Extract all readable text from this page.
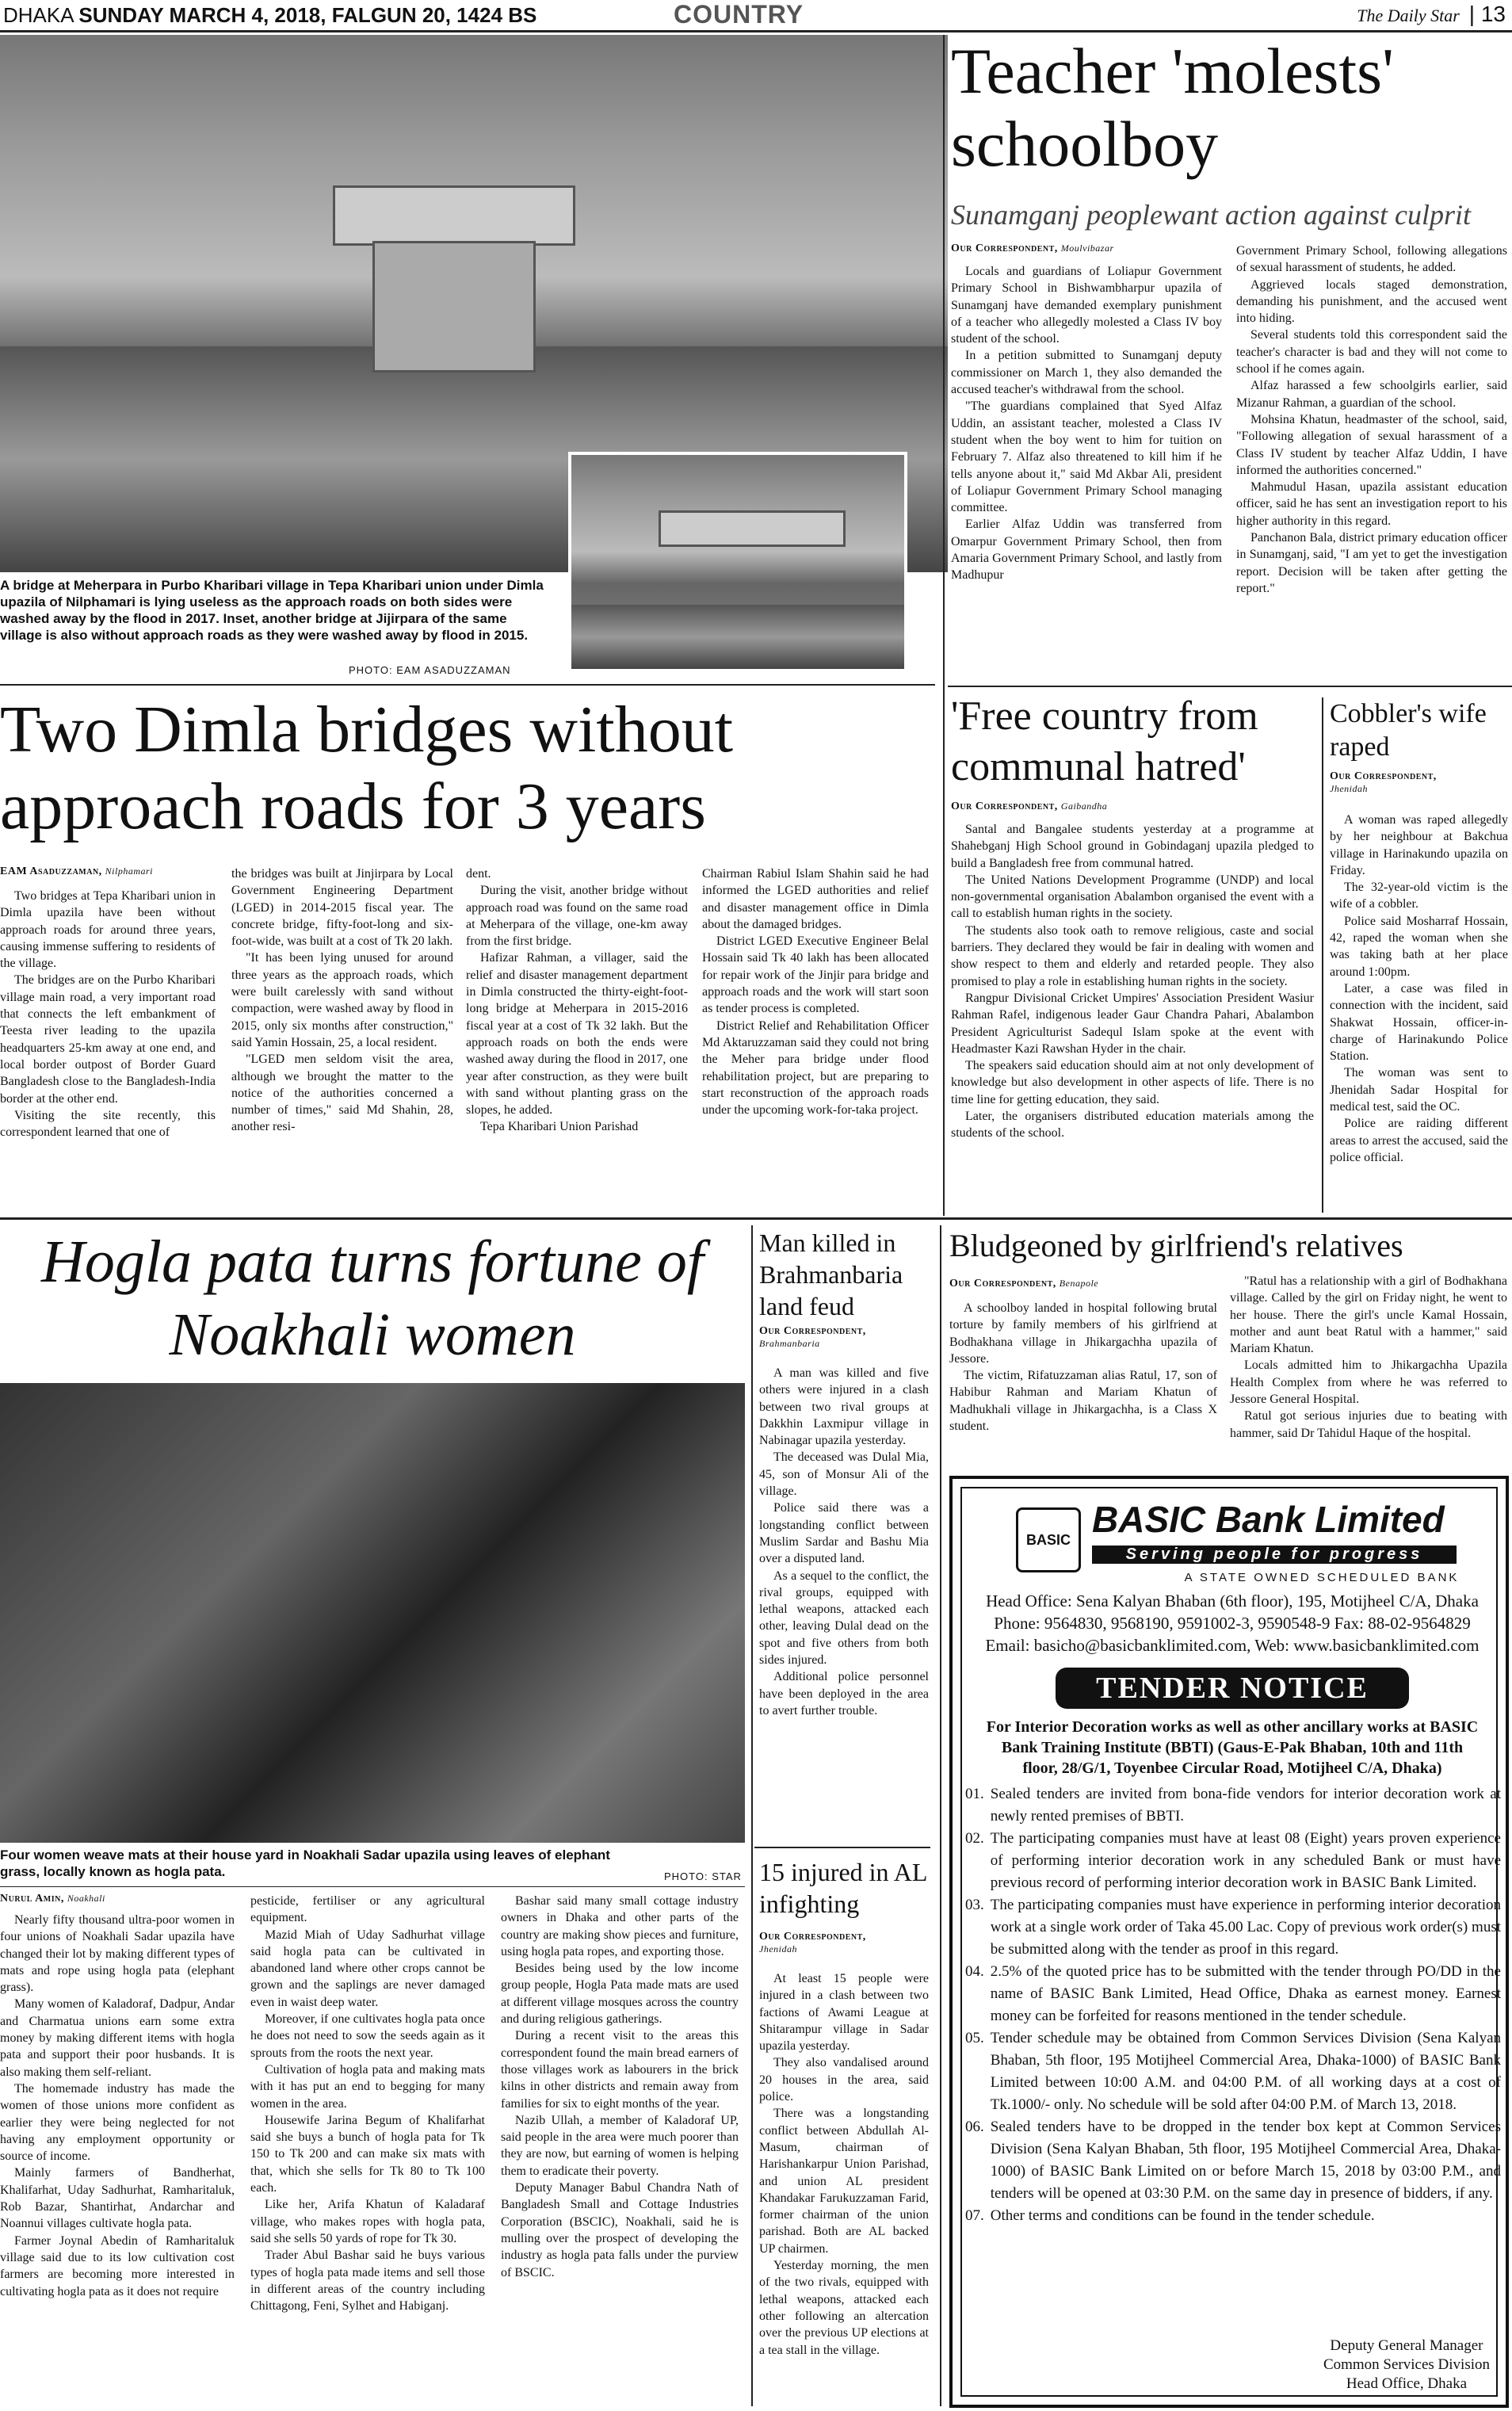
DHAKA SUNDAY MARCH 4, 2018, FALGUN 20, 1424 BS	COUNTRY	The Daily Star | 13
A bridge at Meherpara in Purbo Kharibari village in Tepa Kharibari union under Dimla upazila of Nilphamari is lying useless as the approach roads on both sides were washed away by the flood in 2017. Inset, another bridge at Jijirpara of the same village is also without approach roads as they were washed away by flood in 2015.
PHOTO: EAM ASADUZZAMAN
Two Dimla bridges without approach roads for 3 years
EAM Asaduzzaman, Nilphamari

Two bridges at Tepa Kharibari union in Dimla upazila have been without approach roads for around three years, causing immense suffering to residents of the village.

The bridges are on the Purbo Kharibari village main road, a very important road that connects the left embankment of Teesta river leading to the upazila headquarters 25-km away at one end, and local border outpost of Border Guard Bangladesh close to the Bangladesh-India border at the other end.

Visiting the site recently, this correspondent learned that one of

the bridges was built at Jinjirpara by Local Government Engineering Department (LGED) in 2014-2015 fiscal year. The concrete bridge, fifty-foot-long and six-foot-wide, was built at a cost of Tk 20 lakh.

"It has been lying unused for around three years as the approach roads, which were built carelessly with sand without compaction, were washed away by flood in 2015, only six months after construction," said Yamin Hossain, 25, a local resident.

"LGED men seldom visit the area, although we brought the matter to the notice of the authorities concerned a number of times," said Md Shahin, 28, another resi-

dent.

During the visit, another bridge without approach road was found on the same road at Meherpara of the village, one-km away from the first bridge.

Hafizar Rahman, a villager, said the relief and disaster management department in Dimla constructed the thirty-eight-foot-long bridge at Meherpara in 2015-2016 fiscal year at a cost of Tk 32 lakh. But the approach roads on both the ends were washed away during the flood in 2017, one year after construction, as they were built with sand without planting grass on the slopes, he added.

Tepa Kharibari Union Parishad

Chairman Rabiul Islam Shahin said he had informed the LGED authorities and relief and disaster management office in Dimla about the damaged bridges.

District LGED Executive Engineer Belal Hossain said Tk 40 lakh has been allocated for repair work of the Jinjir para bridge and approach roads and the work will start soon as tender process is completed.

District Relief and Rehabilitation Officer Md Aktaruzzaman said they could not bring the Meher para bridge under flood rehabilitation project, but are preparing to start reconstruction of the approach roads under the upcoming work-for-taka project.

Teacher 'molests' schoolboy
Sunamganj peoplewant action against culprit
Our Correspondent, Moulvibazar

Locals and guardians of Loliapur Government Primary School in Bishwambharpur upazila of Sunamganj have demanded exemplary punishment of a teacher who allegedly molested a Class IV boy student of the school.

In a petition submitted to Sunamganj deputy commissioner on March 1, they also demanded the accused teacher's withdrawal from the school.

"The guardians complained that Syed Alfaz Uddin, an assistant teacher, molested a Class IV student when the boy went to him for tuition on February 7. Alfaz also threatened to kill him if he tells anyone about it," said Md Akbar Ali, president of Loliapur Government Primary School managing committee.

Earlier Alfaz Uddin was transferred from Omarpur Government Primary School, then from Amaria Government Primary School, and lastly from Madhupur

Government Primary School, following allegations of sexual harassment of students, he added.

Aggrieved locals staged demonstration, demanding his punishment, and the accused went into hiding.

Several students told this correspondent said the teacher's character is bad and they will not come to school if he comes again.

Alfaz harassed a few schoolgirls earlier, said Mizanur Rahman, a guardian of the school.

Mohsina Khatun, headmaster of the school, said, "Following allegation of sexual harassment of a Class IV student by teacher Alfaz Uddin, I have informed the authorities concerned."

Mahmudul Hasan, upazila assistant education officer, said he has sent an investigation report to his higher authority in this regard.

Panchanon Bala, district primary education officer in Sunamganj, said, "I am yet to get the investigation report. Decision will be taken after getting the report."

'Free country from communal hatred'
Our Correspondent, Gaibandha

Santal and Bangalee students yesterday at a programme at Shahebganj High School ground in Gobindaganj upazila pledged to build a Bangladesh free from communal hatred.

The United Nations Development Programme (UNDP) and local non-governmental organisation Abalambon organised the event with a call to establish human rights in the society.

The students also took oath to remove religious, caste and social barriers. They declared they would be fair in dealing with women and show respect to them and elderly and retarded people. They also promised to play a role in establishing human rights in the society.

Rangpur Divisional Cricket Umpires' Association President Wasiur Rahman Rafel, indigenous leader Gaur Chandra Pahari, Abalambon President Agriculturist Sadequl Islam spoke at the event with Headmaster Kazi Rawshan Hyder in the chair.

The speakers said education should aim at not only development of knowledge but also development in other aspects of life. There is no time line for getting education, they said.

Later, the organisers distributed education materials among the students of the school.

Cobbler's wife raped
Our Correspondent,
Jhenidah

A woman was raped allegedly by her neighbour at Bakchua village in Harinakundo upazila on Friday.

The 32-year-old victim is the wife of a cobbler.

Police said Mosharraf Hossain, 42, raped the woman when she was taking bath at her place around 1:00pm.

Later, a case was filed in connection with the incident, said Shakwat Hossain, officer-in-charge of Harinakundo Police Station.

The woman was sent to Jhenidah Sadar Hospital for medical test, said the OC.

Police are raiding different areas to arrest the accused, said the police official.

Hogla pata turns fortune of Noakhali women
Four women weave mats at their house yard in Noakhali Sadar upazila using leaves of elephant grass, locally known as hogla pata.	PHOTO: STAR
Nurul Amin, Noakhali

Nearly fifty thousand ultra-poor women in four unions of Noakhali Sadar upazila have changed their lot by making different types of mats and rope using hogla pata (elephant grass).

Many women of Kaladoraf, Dadpur, Andar and Charmatua unions earn some extra money by making different items with hogla pata and support their poor husbands. It is also making them self-reliant.

The homemade industry has made the women of those unions more confident as earlier they were being neglected for not having any employment opportunity or source of income.

Mainly farmers of Bandherhat, Khalifarhat, Uday Sadhurhat, Ramharitaluk, Rob Bazar, Shantirhat, Andarchar and Noannui villages cultivate hogla pata.

Farmer Joynal Abedin of Ramharitaluk village said due to its low cultivation cost farmers are becoming more interested in cultivating hogla pata as it does not require

pesticide, fertiliser or any agricultural equipment.

Mazid Miah of Uday Sadhurhat village said hogla pata can be cultivated in abandoned land where other crops cannot be grown and the saplings are never damaged even in waist deep water.

Moreover, if one cultivates hogla pata once he does not need to sow the seeds again as it sprouts from the roots the next year.

Cultivation of hogla pata and making mats with it has put an end to begging for many women in the area.

Housewife Jarina Begum of Khalifarhat said she buys a bunch of hogla pata for Tk 150 to Tk 200 and can make six mats with that, which she sells for Tk 80 to Tk 100 each.

Like her, Arifa Khatun of Kaladaraf village, who makes ropes with hogla pata, said she sells 50 yards of rope for Tk 30.

Trader Abul Bashar said he buys various types of hogla pata made items and sell those in different areas of the country including Chittagong, Feni, Sylhet and Habiganj.

Bashar said many small cottage industry owners in Dhaka and other parts of the country are making show pieces and furniture, using hogla pata ropes, and exporting those.

Besides being used by the low income group people, Hogla Pata made mats are used at different village mosques across the country and during religious gatherings.

During a recent visit to the areas this correspondent found the main bread earners of those villages work as labourers in the brick kilns in other districts and remain away from families for six to eight months of the year.

Nazib Ullah, a member of Kaladoraf UP, said people in the area were much poorer than they are now, but earning of women is helping them to eradicate their poverty.

Deputy Manager Babul Chandra Nath of Bangladesh Small and Cottage Industries Corporation (BSCIC), Noakhali, said he is mulling over the prospect of developing the industry as hogla pata falls under the purview of BSCIC.

Man killed in Brahmanbaria land feud
Our Correspondent,
Brahmanbaria

A man was killed and five others were injured in a clash between two rival groups at Dakkhin Laxmipur village in Nabinagar upazila yesterday.

The deceased was Dulal Mia, 45, son of Monsur Ali of the village.

Police said there was a longstanding conflict between Muslim Sardar and Bashu Mia over a disputed land.

As a sequel to the conflict, the rival groups, equipped with lethal weapons, attacked each other, leaving Dulal dead on the spot and five others from both sides injured.

Additional police personnel have been deployed in the area to avert further trouble.

15 injured in AL infighting
Our Correspondent,
Jhenidah

At least 15 people were injured in a clash between two factions of Awami League at Shitarampur village in Sadar upazila yesterday.

They also vandalised around 20 houses in the area, said police.

There was a longstanding conflict between Abdullah Al-Masum, chairman of Harishankarpur Union Parishad, and union AL president Khandakar Farukuzzaman Farid, former chairman of the union parishad. Both are AL backed UP chairmen.

Yesterday morning, the men of the two rivals, equipped with lethal weapons, attacked each other following an altercation over the previous UP elections at a tea stall in the village.

Bludgeoned by girlfriend's relatives
Our Correspondent, Benapole

A schoolboy landed in hospital following brutal torture by family members of his girlfriend at Bodhakhana village in Jhikargachha upazila of Jessore.

The victim, Rifatuzzaman alias Ratul, 17, son of Habibur Rahman and Mariam Khatun of Madhukhali village in Jhikargachha, is a Class X student.

"Ratul has a relationship with a girl of Bodhakhana village. Called by the girl on Friday night, he went to her house. There the girl's uncle Kamal Hossain, mother and aunt beat Ratul with a hammer," said Mariam Khatun.

Locals admitted him to Jhikargachha Upazila Health Complex from where he was referred to Jessore General Hospital.

Ratul got serious injuries due to beating with hammer, said Dr Tahidul Haque of the hospital.

BASIC BASIC Bank Limited
Serving people for progress
A STATE OWNED SCHEDULED BANK
Head Office: Sena Kalyan Bhaban (6th floor), 195, Motijheel C/A, Dhaka
Phone: 9564830, 9568190, 9591002-3, 9590548-9 Fax: 88-02-9564829
Email: basicho@basicbanklimited.com, Web: www.basicbanklimited.com
TENDER NOTICE
For Interior Decoration works as well as other ancillary works at BASIC Bank Training Institute (BBTI) (Gaus-E-Pak Bhaban, 10th and 11th floor, 28/G/1, Toyenbee Circular Road, Motijheel C/A, Dhaka)
01. Sealed tenders are invited from bona-fide vendors for interior decoration work at newly rented premises of BBTI.
02. The participating companies must have at least 08 (Eight) years proven experience of performing interior decoration work in any scheduled Bank or must have previous record of performing interior decoration work in BASIC Bank Limited.
03. The participating companies must have experience in performing interior decoration work at a single work order of Taka 45.00 Lac. Copy of previous work order(s) must be submitted along with the tender as proof in this regard.
04. 2.5% of the quoted price has to be submitted with the tender through PO/DD in the name of BASIC Bank Limited, Head Office, Dhaka as earnest money. Earnest money can be forfeited for reasons mentioned in the tender schedule.
05. Tender schedule may be obtained from Common Services Division (Sena Kalyan Bhaban, 5th floor, 195 Motijheel Commercial Area, Dhaka-1000) of BASIC Bank Limited between 10:00 A.M. and 04:00 P.M. of all working days at a cost of Tk.1000/- only. No schedule will be sold after 04:00 P.M. of March 13, 2018.
06. Sealed tenders have to be dropped in the tender box kept at Common Services Division (Sena Kalyan Bhaban, 5th floor, 195 Motijheel Commercial Area, Dhaka-1000) of BASIC Bank Limited on or before March 15, 2018 by 03:00 P.M., and tenders will be opened at 03:30 P.M. on the same day in presence of bidders, if any.
07. Other terms and conditions can be found in the tender schedule.
Deputy General Manager
Common Services Division
Head Office, Dhaka
